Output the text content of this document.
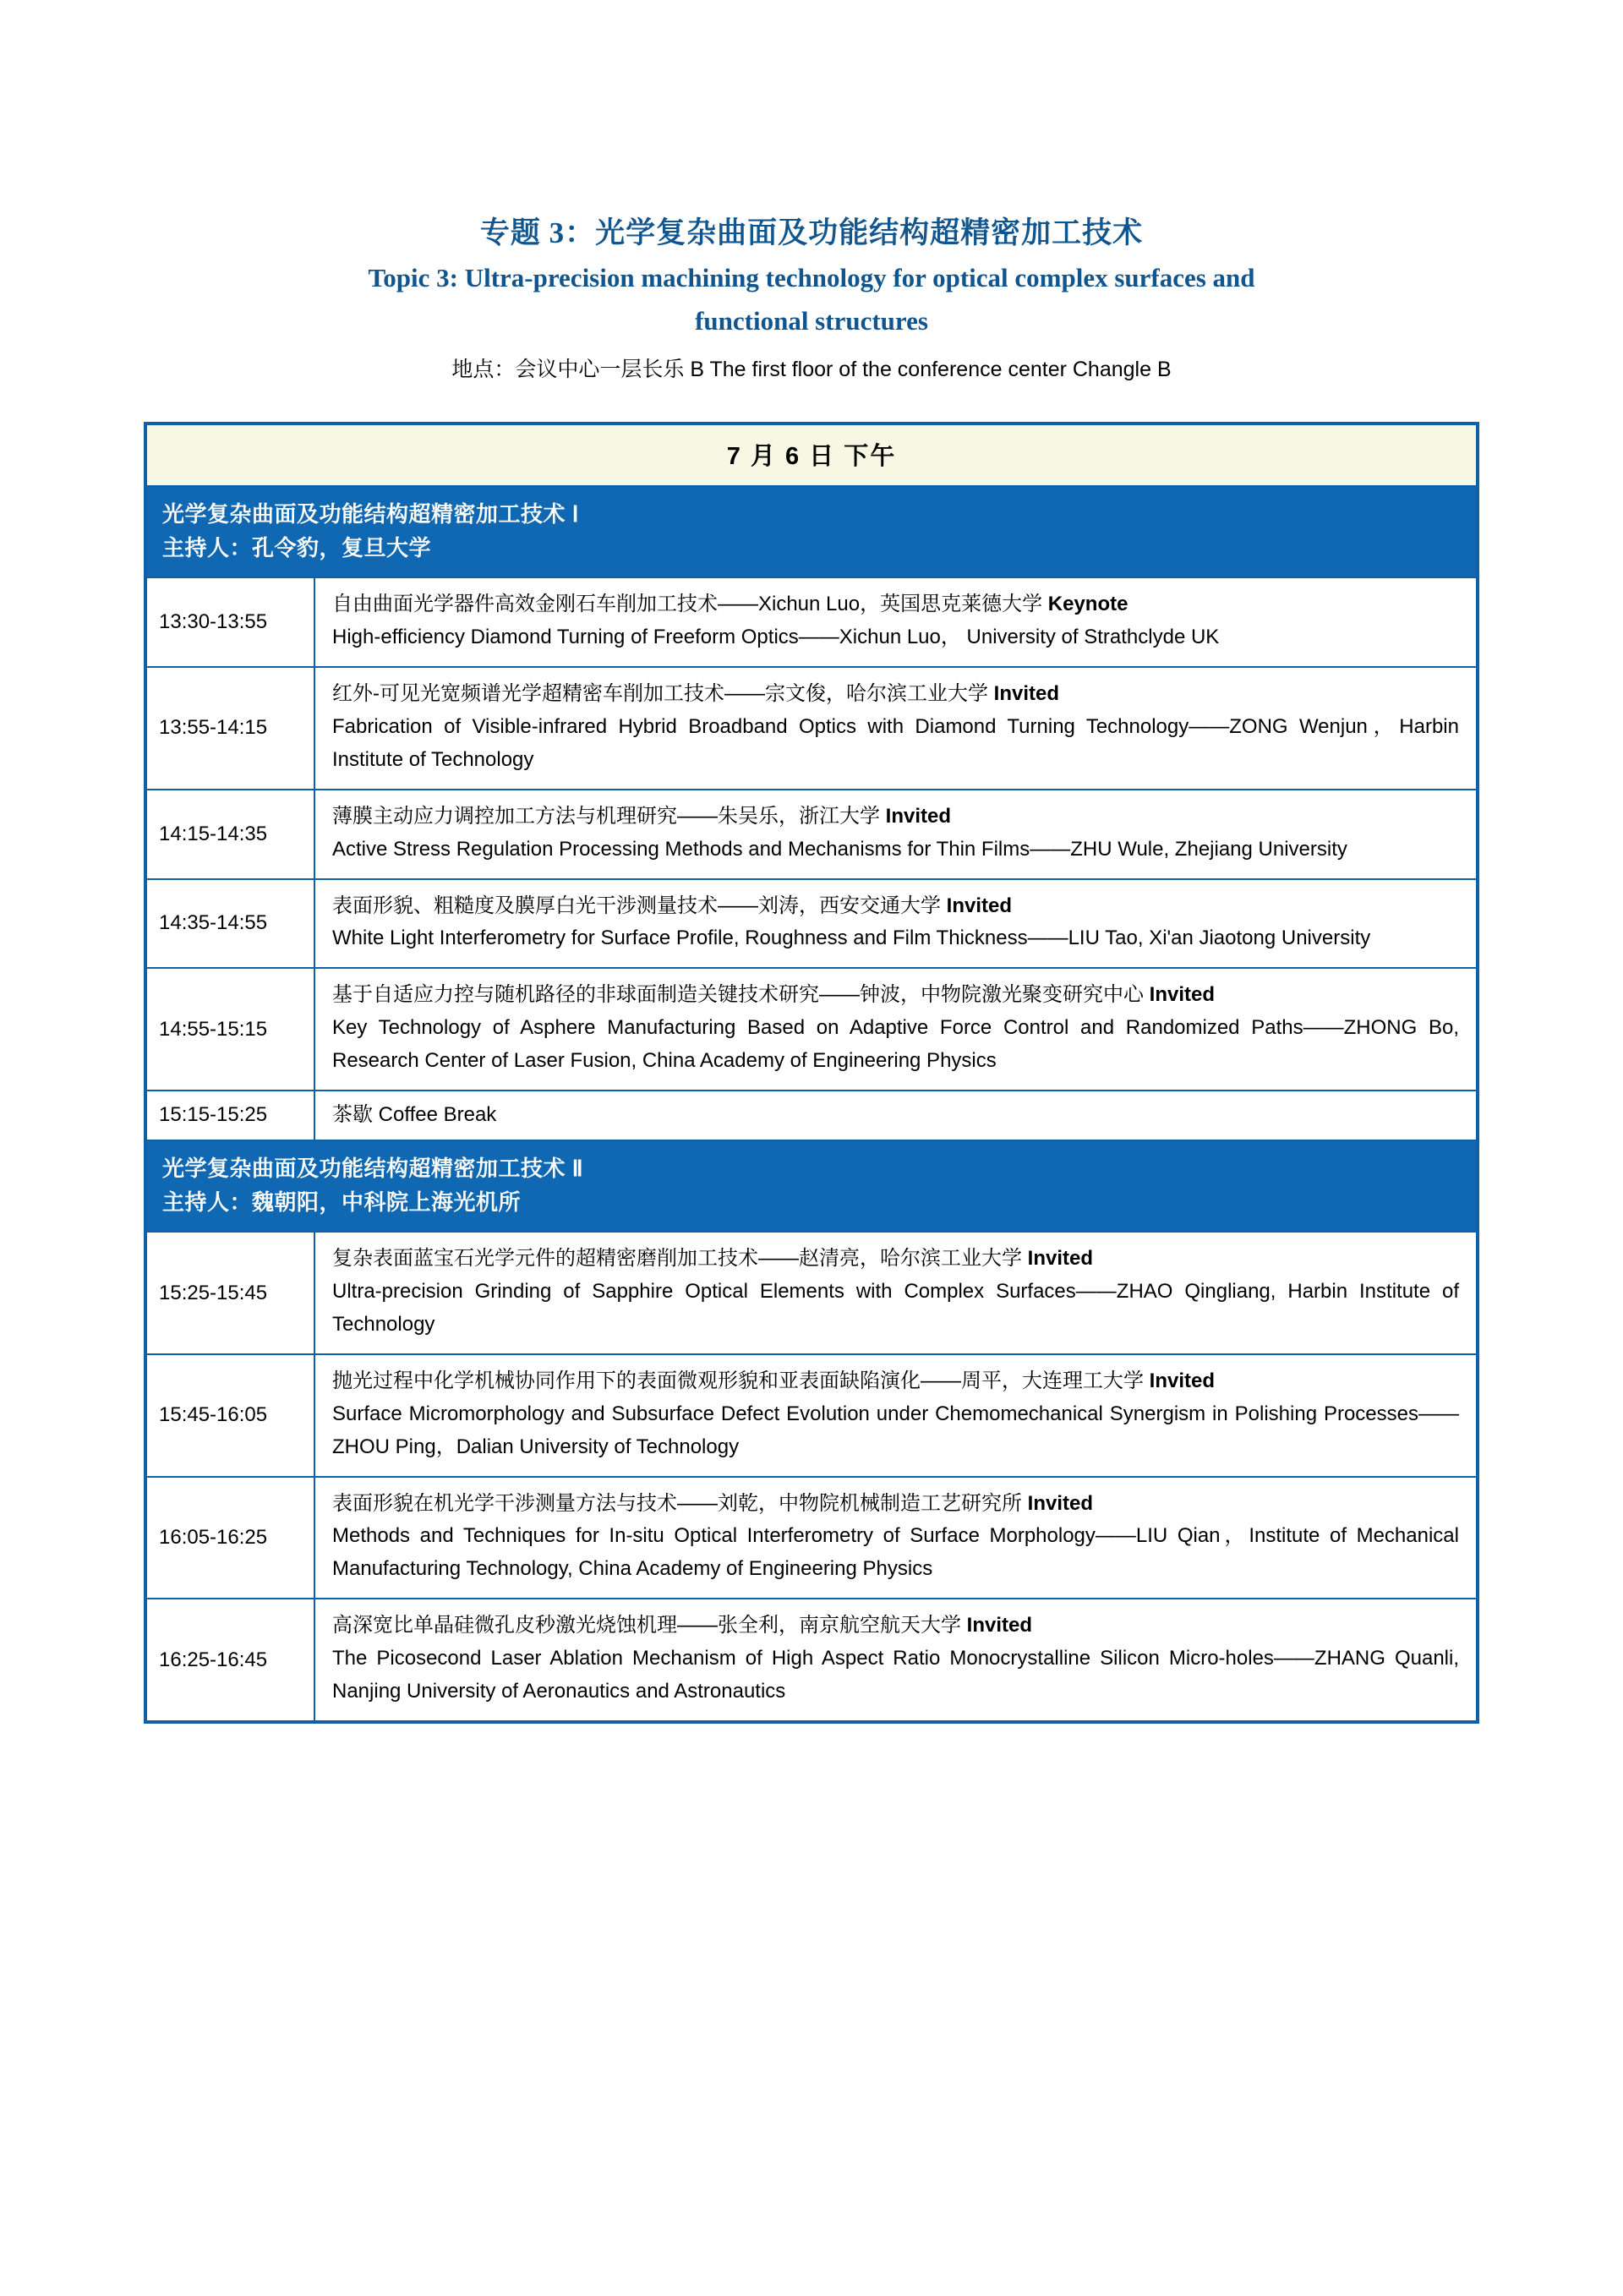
专题 3：光学复杂曲面及功能结构超精密加工技术
Topic 3: Ultra-precision machining technology for optical complex surfaces and
functional structures
地点：会议中心一层长乐 B The first floor of the conference center Changle B
7 月 6 日 下午	
光学复杂曲面及功能结构超精密加工技术 Ⅰ
主持人：孔令豹，复旦大学	

13:30-13:55	自由曲面光学器件高效金刚石车削加工技术——Xichun Luo，英国思克莱德大学 Keynote
High-efficiency Diamond Turning of Freeform Optics——Xichun Luo， University of Strathclyde UK

13:55-14:15	红外-可见光宽频谱光学超精密车削加工技术——宗文俊，哈尔滨工业大学 Invited
Fabrication of Visible-infrared Hybrid Broadband Optics with Diamond Turning Technology——ZONG Wenjun，Harbin Institute of Technology

14:15-14:35	薄膜主动应力调控加工方法与机理研究——朱吴乐，浙江大学 Invited
Active Stress Regulation Processing Methods and Mechanisms for Thin Films——ZHU Wule, Zhejiang University

14:35-14:55	表面形貌、粗糙度及膜厚白光干涉测量技术——刘涛，西安交通大学 Invited
White Light Interferometry for Surface Profile, Roughness and Film Thickness——LIU Tao, Xi'an Jiaotong University

14:55-15:15	基于自适应力控与随机路径的非球面制造关键技术研究——钟波，中物院激光聚变研究中心 Invited
Key Technology of Asphere Manufacturing Based on Adaptive Force Control and Randomized Paths——ZHONG Bo, Research Center of Laser Fusion, China Academy of Engineering Physics

15:15-15:25	茶歇 Coffee Break
光学复杂曲面及功能结构超精密加工技术 Ⅱ
主持人：魏朝阳，中科院上海光机所	

15:25-15:45	复杂表面蓝宝石光学元件的超精密磨削加工技术——赵清亮，哈尔滨工业大学 Invited
Ultra-precision Grinding of Sapphire Optical Elements with Complex Surfaces——ZHAO Qingliang, Harbin Institute of Technology

15:45-16:05	抛光过程中化学机械协同作用下的表面微观形貌和亚表面缺陷演化——周平，大连理工大学 Invited
Surface Micromorphology and Subsurface Defect Evolution under Chemomechanical Synergism in Polishing Processes——ZHOU Ping，Dalian University of Technology

16:05-16:25	表面形貌在机光学干涉测量方法与技术——刘乾，中物院机械制造工艺研究所 Invited
Methods and Techniques for In-situ Optical Interferometry of Surface Morphology——LIU Qian，Institute of Mechanical Manufacturing Technology, China Academy of Engineering Physics

16:25-16:45	高深宽比单晶硅微孔皮秒激光烧蚀机理——张全利，南京航空航天大学 Invited
The Picosecond Laser Ablation Mechanism of High Aspect Ratio Monocrystalline Silicon Micro-holes——ZHANG Quanli, Nanjing University of Aeronautics and Astronautics
